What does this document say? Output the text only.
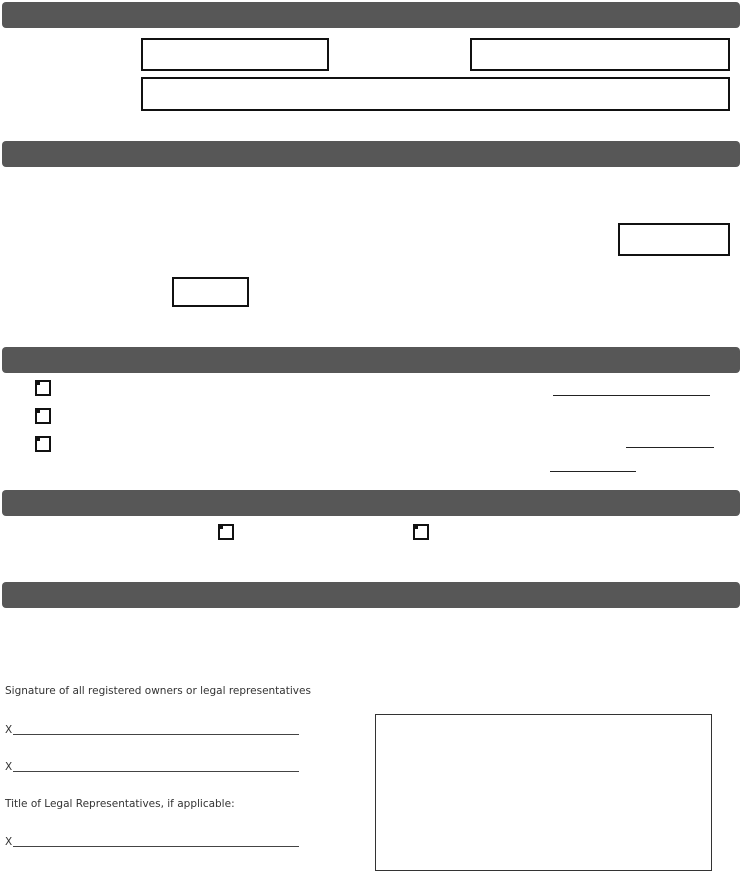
Signature of all registered owners or legal representatives
X
X
Title of Legal Representatives, if applicable:
X
